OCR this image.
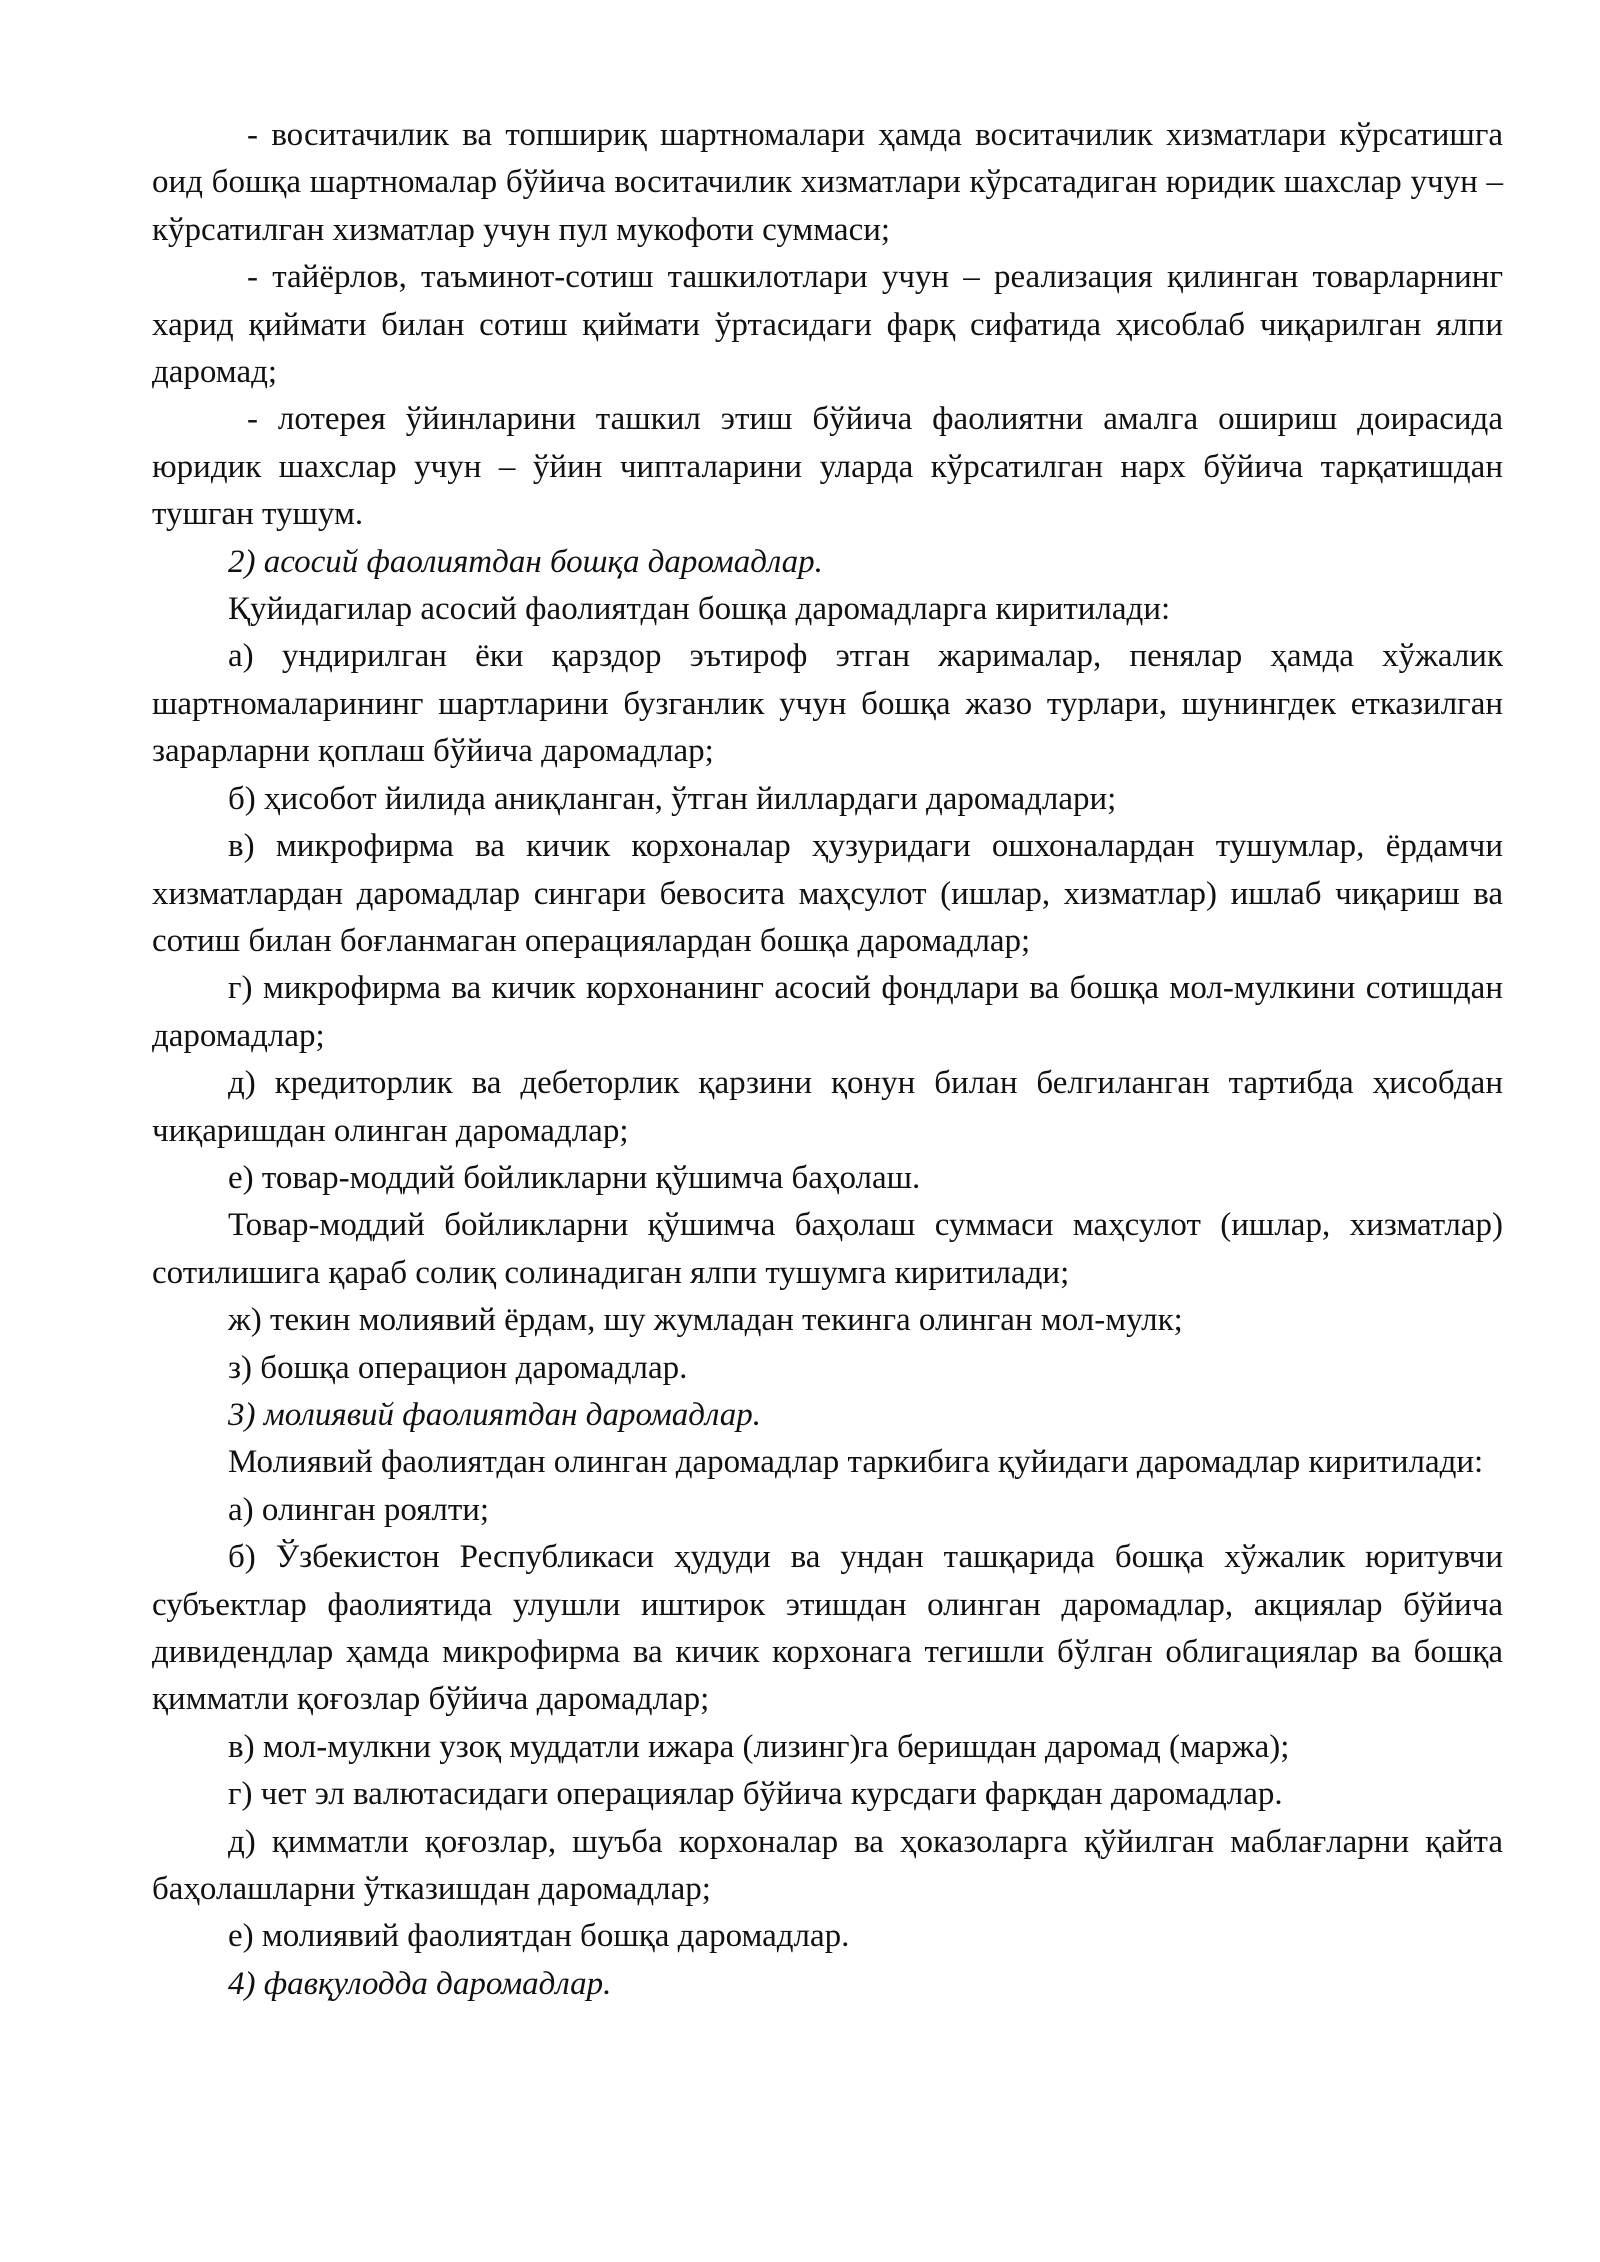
- воситачилик ва топшириқ шартномалари ҳамда воситачилик хизматлари кўрсатишга оид бошқа шартномалар бўйича воситачилик хизматлари кўрсатадиган юридик шахслар учун – кўрсатилган хизматлар учун пул мукофоти суммаси;

- тайёрлов, таъминот-сотиш ташкилотлари учун – реализация қилинган товарларнинг харид қиймати билан сотиш қиймати ўртасидаги фарқ сифатида ҳисоблаб чиқарилган ялпи даромад;

- лотерея ўйинларини ташкил этиш бўйича фаолиятни амалга ошириш доирасида юридик шахслар учун – ўйин чипталарини уларда кўрсатилган нарх бўйича тарқатишдан тушган тушум.

2) асосий фаолиятдан бошқа даромадлар.

Қуйидагилар асосий фаолиятдан бошқа даромадларга киритилади:

а) ундирилган ёки қарздор эътироф этган жарималар, пенялар ҳамда хўжалик шартномаларининг шартларини бузганлик учун бошқа жазо турлари, шунингдек етказилган зарарларни қоплаш бўйича даромадлар;

б) ҳисобот йилида аниқланган, ўтган йиллардаги даромадлари;

в) микрофирма ва кичик корхоналар ҳузуридаги ошхоналардан тушумлар, ёрдамчи хизматлардан даромадлар сингари бевосита маҳсулот (ишлар, хизматлар) ишлаб чиқариш ва сотиш билан боғланмаган операциялардан бошқа даромадлар;

г) микрофирма ва кичик корхонанинг асосий фондлари ва бошқа мол-мулкини сотишдан даромадлар;

д) кредиторлик ва дебеторлик қарзини қонун билан белгиланган тартибда ҳисобдан чиқаришдан олинган даромадлар;

е) товар-моддий бойликларни қўшимча баҳолаш.

Товар-моддий бойликларни қўшимча баҳолаш суммаси маҳсулот (ишлар, хизматлар) сотилишига қараб солиқ солинадиган ялпи тушумга киритилади;

ж) текин молиявий ёрдам, шу жумладан текинга олинган мол-мулк;

з) бошқа операцион даромадлар.

3) молиявий фаолиятдан даромадлар.

Молиявий фаолиятдан олинган даромадлар таркибига қуйидаги даромадлар киритилади:

а) олинган роялти;

б) Ўзбекистон Республикаси ҳудуди ва ундан ташқарида бошқа хўжалик юритувчи субъектлар фаолиятида улушли иштирок этишдан олинган даромадлар, акциялар бўйича дивидендлар ҳамда микрофирма ва кичик корхонага тегишли бўлган облигациялар ва бошқа қимматли қоғозлар бўйича даромадлар;

в) мол-мулкни узоқ муддатли ижара (лизинг)га беришдан даромад (маржа);

г) чет эл валютасидаги операциялар бўйича курсдаги фарқдан даромадлар.

д) қимматли қоғозлар, шуъба корхоналар ва ҳоказоларга қўйилган маблағларни қайта баҳолашларни ўтказишдан даромадлар;

е) молиявий фаолиятдан бошқа даромадлар.

4) фавқулодда даромадлар.
